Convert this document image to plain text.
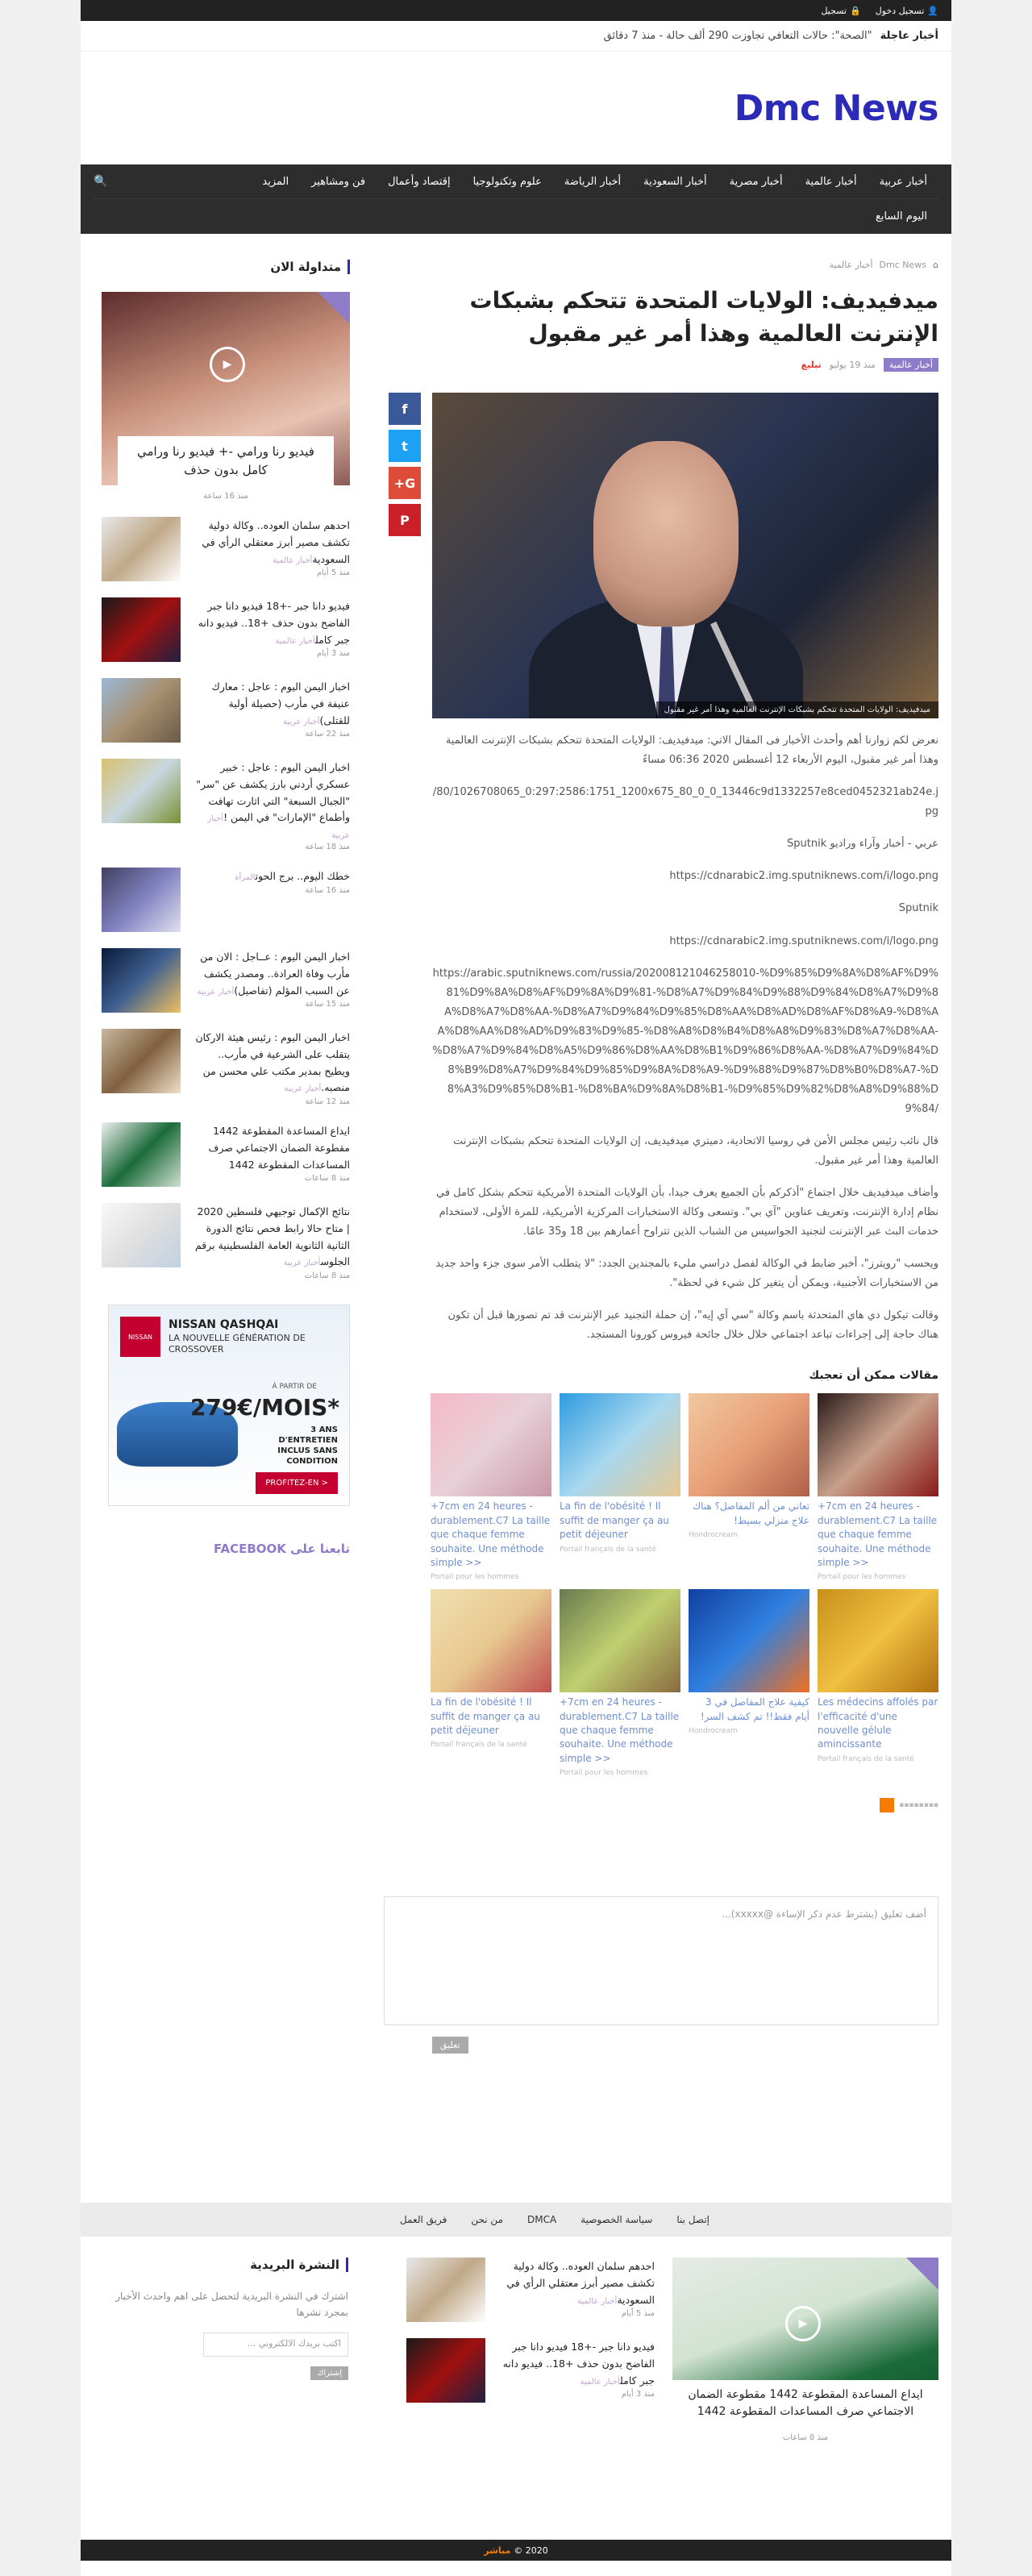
👤
تسجيل دخول
🔒
تسجيل
أخبار عاجلة
"الصحة": حالات التعافي تجاوزت 290 ألف حالة - منذ 7 دقائق
Dmc News
أخبار عربية
أخبار عالمية
أخبار مصرية
أخبار السعودية
أخبار الرياضة
علوم وتكنولوجيا
إقتصاد وأعمال
فن ومشاهير
المزيد
🔍
اليوم السابع
⌂
Dmc News
أخبار عالمية
ميدفيديف: الولايات المتحدة تتحكم بشبكات الإنترنت العالمية وهذا أمر غير مقبول
أخبار عالمية
منذ 19 يوليو
تبليغ
f
t
G+
P
ميدفيديف: الولايات المتحدة تتحكم بشبكات الإنترنت العالمية وهذا أمر غير مقبول

نعرض لكم زوارنا أهم وأحدث الأخبار فى المقال الاتي: ميدفيديف: الولايات المتحدة تتحكم بشبكات الإنترنت العالمية وهذا أمر غير مقبول، اليوم الأربعاء 12 أغسطس 2020 06:36 مساءً

/80/1026708065_0:297:2586:1751_1200x675_80_0_0_13446c9d1332257e8ced0452321ab24e.jpg

عربي - أخبار وآراء وراديو Sputnik

https://cdnarabic2.img.sputniknews.com/i/logo.png

Sputnik

https://cdnarabic2.img.sputniknews.com/i/logo.png

https://arabic.sputniknews.com/russia/202008121046258010-%D9%85%D9%8A%D8%AF%D9%81%D9%8A%D8%AF%D9%8A%D9%81-%D8%A7%D9%84%D9%88%D9%84%D8%A7%D9%8A%D8%A7%D8%AA-%D8%A7%D9%84%D9%85%D8%AA%D8%AD%D8%AF%D8%A9-%D8%AA%D8%AA%D8%AD%D9%83%D9%85-%D8%A8%D8%B4%D8%A8%D9%83%D8%A7%D8%AA-%D8%A7%D9%84%D8%A5%D9%86%D8%AA%D8%B1%D9%86%D8%AA-%D8%A7%D9%84%D8%B9%D8%A7%D9%84%D9%85%D9%8A%D8%A9-%D9%88%D9%87%D8%B0%D8%A7-%D8%A3%D9%85%D8%B1-%D8%BA%D9%8A%D8%B1-%D9%85%D9%82%D8%A8%D9%88%D9%84/

قال نائب رئيس مجلس الأمن في روسيا الاتحادية، دميتري ميدفيديف، إن الولايات المتحدة تتحكم بشبكات الإنترنت العالمية وهذا أمر غير مقبول.

وأضاف ميدفيديف خلال اجتماع "أذكركم بأن الجميع يعرف جيدا، بأن الولايات المتحدة الأمريكية تتحكم بشكل كامل في نظام إدارة الإنترنت، وتعريف عناوين "آي بي". وتسعى وكالة الاستخبارات المركزية الأمريكية، للمرة الأولى، لاستخدام خدمات البث عبر الإنترنت لتجنيد الجواسيس من الشباب الذين تتراوح أعمارهم بين 18 و35 عامًا.

ويحسب "رويترز"، أخبر ضابط في الوكالة لفصل دراسي مليء بالمجندين الجدد: "لا يتطلب الأمر سوى جزء واحد جديد من الاستخبارات الأجنبية، ويمكن أن يتغير كل شيء في لحظة".

وقالت تيكول دي هاي المتحدثة باسم وكالة "سي آي إيه"، إن حملة التجنيد عبر الإنترنت قد تم تصورها قبل أن تكون هناك حاجة إلى إجراءات تباعد اجتماعي خلال خلال جائحة فيروس كورونا المستجد.

مقالات ممكن أن تعجبك
+7cm en 24 heures - durablement.C7 La taille que chaque femme souhaite. Une méthode simple >>
Portail pour les hommes
تعاني من ألم المفاصل؟ هناك علاج منزلي بسيط!
Hondrocream
La fin de l'obésité ! Il suffit de manger ça au petit déjeuner
Portail français de la santé
+7cm en 24 heures - durablement.C7 La taille que chaque femme souhaite. Une méthode simple >>
Portail pour les hommes
Les médecins affolés par l'efficacité d'une nouvelle gélule amincissante
Portail français de la santé
كيفية علاج المفاصل في 3 أيام فقط!! تم كشف السر!
Hondrocream
+7cm en 24 heures - durablement.C7 La taille que chaque femme souhaite. Une méthode simple >>
Portail pour les hommes
La fin de l'obésité ! Il suffit de manger ça au petit déjeuner
Portail français de la santé
▪▪▪▪▪▪▪▪
أضف تعليق (يشترط عدم ذكر الإساءة @xxxxx)...
تعليق
متداولة الان
▶
فيديو رنا ورامي -+ فيديو رنا ورامي كامل بدون حذف
منذ 16 ساعة
احدهم سلمان العوده.. وكالة دولية تكشف مصير أبرز معتقلي الرأي في السعوديةأخبار عالمية
منذ 5 أيام
فيديو دانا جبر -+18 فيديو دانا جبر الفاضح بدون حذف +18.. فيديو دانه جبر كاملأخبار عالمية
منذ 3 أيام
اخبار اليمن اليوم : عاجل : معارك عنيفة في مأرب (حصيلة أولية للقتلى)أخبار عربية
منذ 22 ساعة
اخبار اليمن اليوم : عاجل : خبير عسكري أردني بارز يكشف عن "سر" "الجبال السبعة" التي اثارت تهافت وأطماع "الإمارات" في اليمن !أخبار عربية
منذ 18 ساعة
خطك اليوم.. برج الحوتالمرأة
منذ 16 ساعة
اخبار اليمن اليوم : عــاجل : الان من مأرب وفاة العرادة.. ومصدر يكشف عن السبب المؤلم (تفاصيل)أخبار عربية
منذ 15 ساعة
اخبار اليمن اليوم : رئيس هيئة الاركان يتقلب على الشرعية في مأرب.. ويطيح بمدير مكتب علي محسن من منصبه.أخبار عربية
منذ 12 ساعة
ايداع المساعدة المقطوعة 1442 مقطوعة الضمان الاجتماعي صرف المساعدات المقطوعة 1442
منذ 8 ساعات
نتائج الإكمال توجيهي فلسطين 2020 | متاح حالا رابط فحص نتائج الدورة الثانية الثانوية العامة الفلسطينية برقم الجلوسأخبار عربية
منذ 8 ساعات
NISSAN
NISSAN QASHQAI
LA NOUVELLE GÉNÉRATION DE CROSSOVER
À PARTIR DE
279€/MOIS*
3 ANS D'ENTRETIEN INCLUS SANS CONDITION
PROFITEZ-EN >
تابعنا على FACEBOOK
إتصل بنا
سياسة الخصوصية
DMCA
من نحن
فريق العمل
▶
ايداع المساعدة المقطوعة 1442 مقطوعة الضمان الاجتماعي صرف المساعدات المقطوعة 1442
منذ 8 ساعات
احدهم سلمان العوده.. وكالة دولية تكشف مصير أبرز معتقلي الرأي في السعوديةأخبار عالمية
منذ 5 أيام
فيديو دانا جبر -+18 فيديو دانا جبر الفاضح بدون حذف +18.. فيديو دانه جبر كاملأخبار عالمية
منذ 3 أيام
النشرة البريدية
اشترك في النشرة البريدية لتحصل على اهم واحدث الأخبار بمجرد نشرها
اكتب بريدك الالكتروني ...
إشتراك
2020 ©
مباشر
